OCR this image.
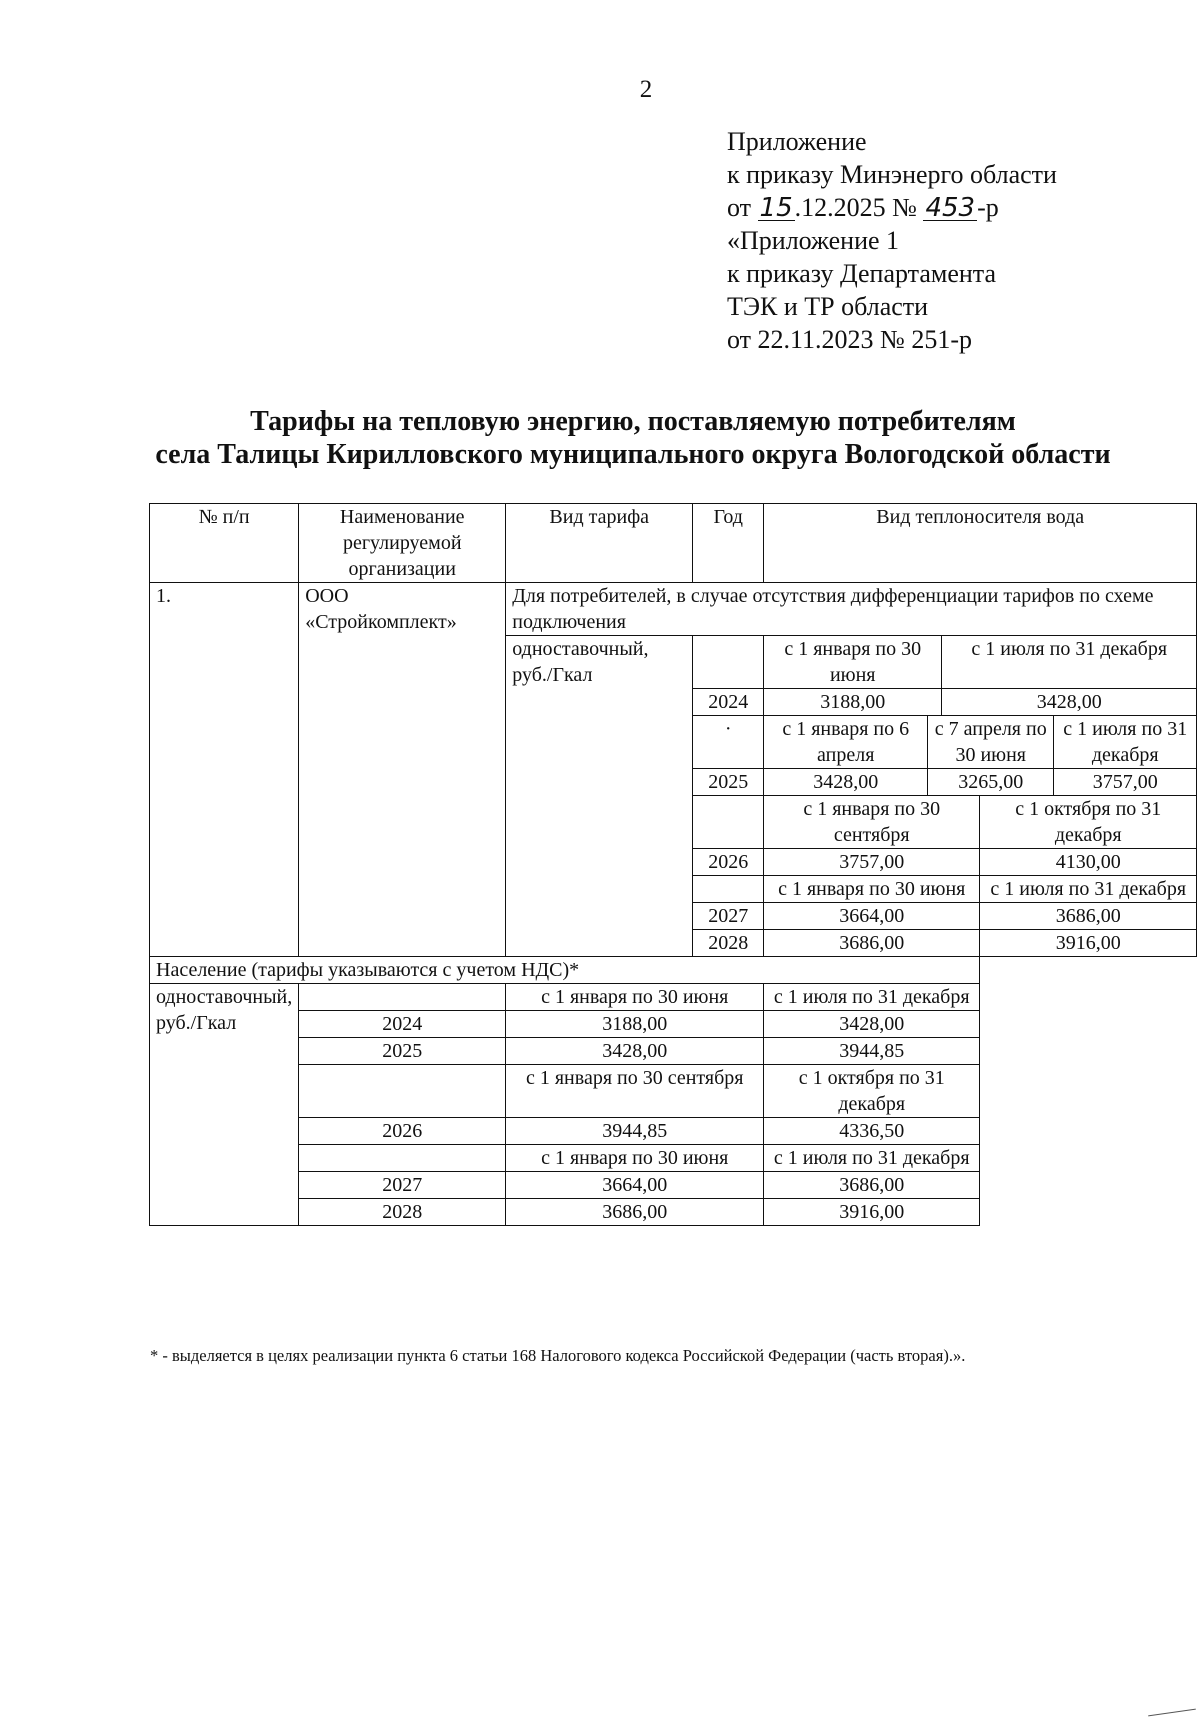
2
Приложение
к приказу Минэнерго области
от 15.12.2025 № 453-р
«Приложение 1
к приказу Департамента
ТЭК и ТР области
от 22.11.2023 № 251-р
Тарифы на тепловую энергию, поставляемую потребителям
села Талицы Кирилловского муниципального округа Вологодской области
№ п/п	Наименование регулируемой организации	Вид тарифа	Год	Вид теплоносителя вода				
1.	ООО «Стройкомплект»	Для потребителей, в случае отсутствия дифференциации тарифов по схеме подключения						
		одноставочный, руб./Гкал		с 1 января по 30 июня		с 1 июля по 31 декабря		
			2024	3188,00		3428,00		
			·	с 1 января по 6 апреля	с 7 апреля по 30 июня			с 1 июля по 31 декабря
			2025	3428,00	3265,00			3757,00
				с 1 января по 30 сентября			с 1 октября по 31 декабря	
			2026	3757,00			4130,00	
				с 1 января по 30 июня			с 1 июля по 31 декабря	
			2027	3664,00			3686,00	
			2028	3686,00			3916,00	
Население (тарифы указываются с учетом НДС)*								
одноставочный, руб./Гкал		с 1 января по 30 июня		с 1 июля по 31 декабря				
	2024	3188,00		3428,00				
	2025	3428,00		3944,85				
		с 1 января по 30 сентября		с 1 октября по 31 декабря				
	2026	3944,85		4336,50				
		с 1 января по 30 июня		с 1 июля по 31 декабря				
	2027	3664,00		3686,00				
	2028	3686,00		3916,00				
* - выделяется в целях реализации пункта 6 статьи 168 Налогового кодекса Российской Федерации (часть вторая).».
